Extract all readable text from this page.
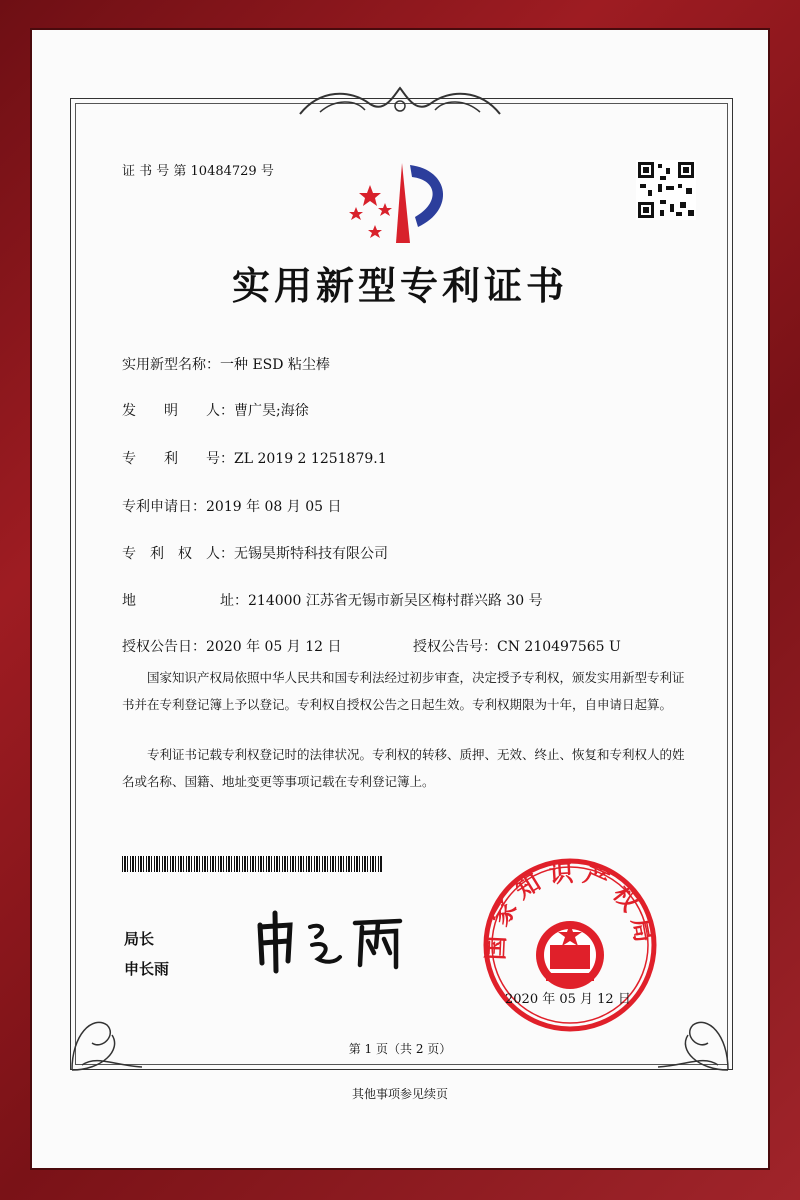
证 书 号 第 10484729 号
实用新型专利证书
实用新型名称：一种 ESD 粘尘棒
发　　明　　人：曹广昊;海徐
专　　利　　号：ZL 2019 2 1251879.1
专利申请日：2019 年 08 月 05 日
专　利　权　人：无锡昊斯特科技有限公司
地　　　　　　址：214000 江苏省无锡市新吴区梅村群兴路 30 号
授权公告日：2020 年 05 月 12 日	授权公告号：CN 210497565 U
国家知识产权局依照中华人民共和国专利法经过初步审查，决定授予专利权，颁发实用新型专利证书并在专利登记簿上予以登记。专利权自授权公告之日起生效。专利权期限为十年，自申请日起算。
专利证书记载专利权登记时的法律状况。专利权的转移、质押、无效、终止、恢复和专利权人的姓名或名称、国籍、地址变更等事项记载在专利登记簿上。
局长
申长雨
国家知识产权局
2020 年 05 月 12 日
第 1 页（共 2 页）
其他事项参见续页
